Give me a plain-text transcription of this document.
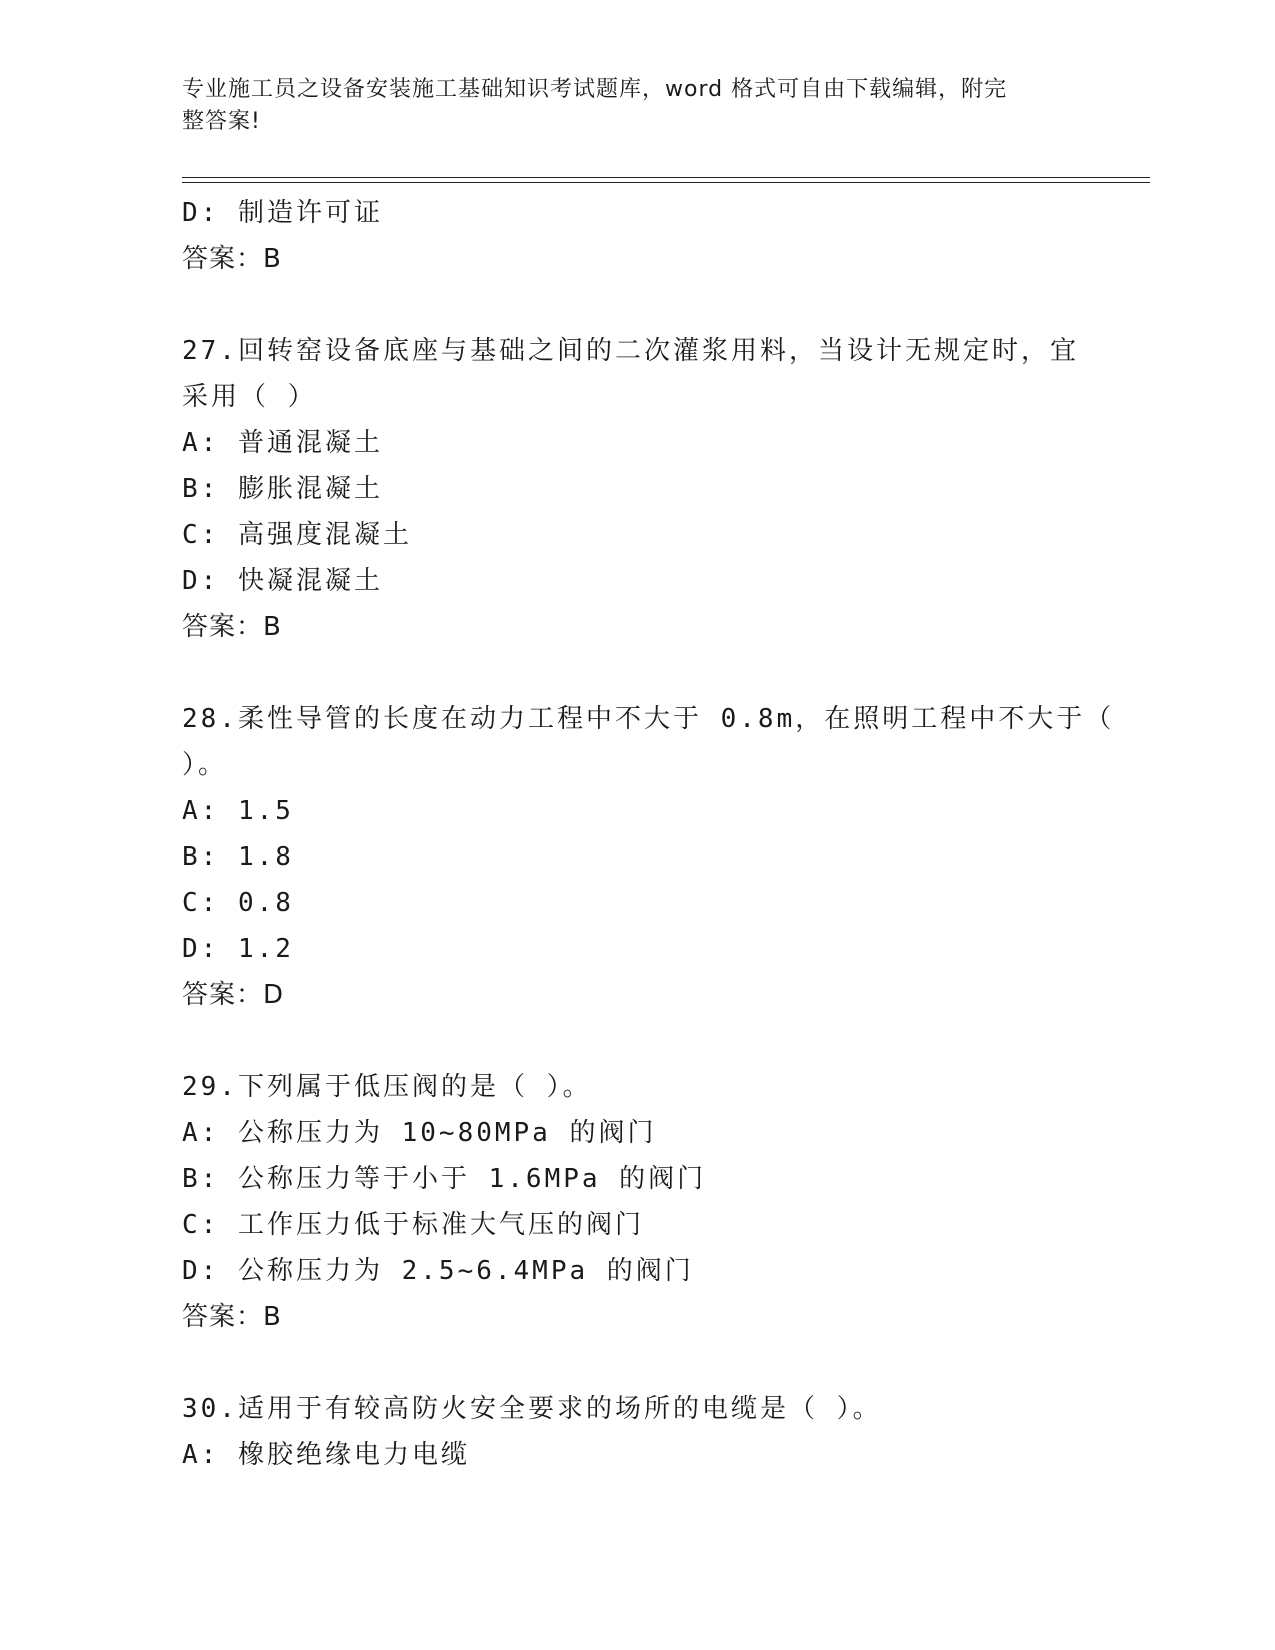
专业施工员之设备安装施工基础知识考试题库，word 格式可自由下载编辑，附完
整答案!
D: 制造许可证
答案：B
27.回转窑设备底座与基础之间的二次灌浆用料，当设计无规定时，宜
采用（ ）
A: 普通混凝土
B: 膨胀混凝土
C: 高强度混凝土
D: 快凝混凝土
答案：B
28.柔性导管的长度在动力工程中不大于 0.8m，在照明工程中不大于（
）。
A: 1.5
B: 1.8
C: 0.8
D: 1.2
答案：D
29.下列属于低压阀的是（ ）。
A: 公称压力为 10~80MPa 的阀门
B: 公称压力等于小于 1.6MPa 的阀门
C: 工作压力低于标准大气压的阀门
D: 公称压力为 2.5~6.4MPa 的阀门
答案：B
30.适用于有较高防火安全要求的场所的电缆是（ ）。
A: 橡胶绝缘电力电缆
